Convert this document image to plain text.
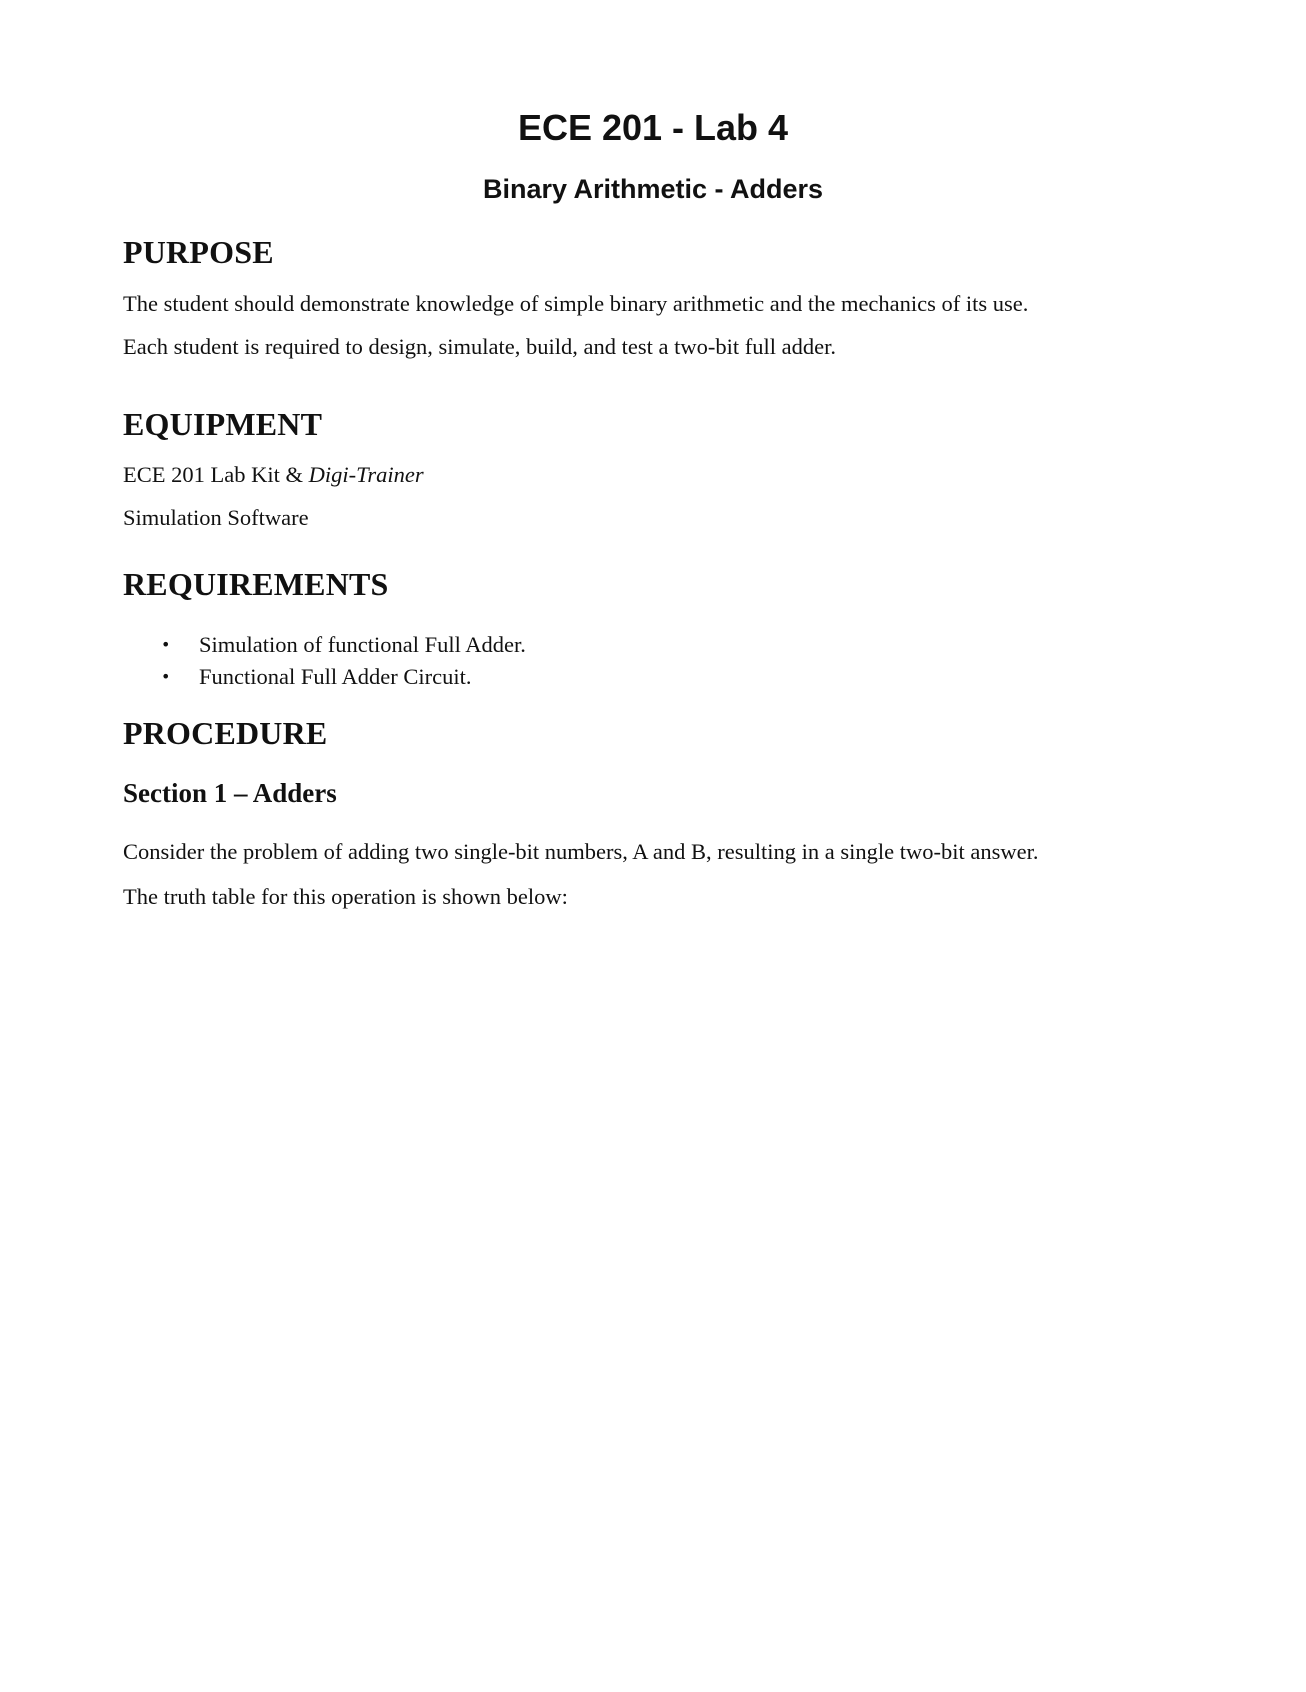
ECE 201 - Lab 4
Binary Arithmetic - Adders
PURPOSE

The student should demonstrate knowledge of simple binary arithmetic and the mechanics of its use.

Each student is required to design, simulate, build, and test a two-bit full adder.

EQUIPMENT

ECE 201 Lab Kit & Digi-Trainer

Simulation Software

REQUIREMENTS
• Simulation of functional Full Adder.
• Functional Full Adder Circuit.
PROCEDURE
Section 1 – Adders

Consider the problem of adding two single-bit numbers, A and B, resulting in a single two-bit answer.

The truth table for this operation is shown below:
